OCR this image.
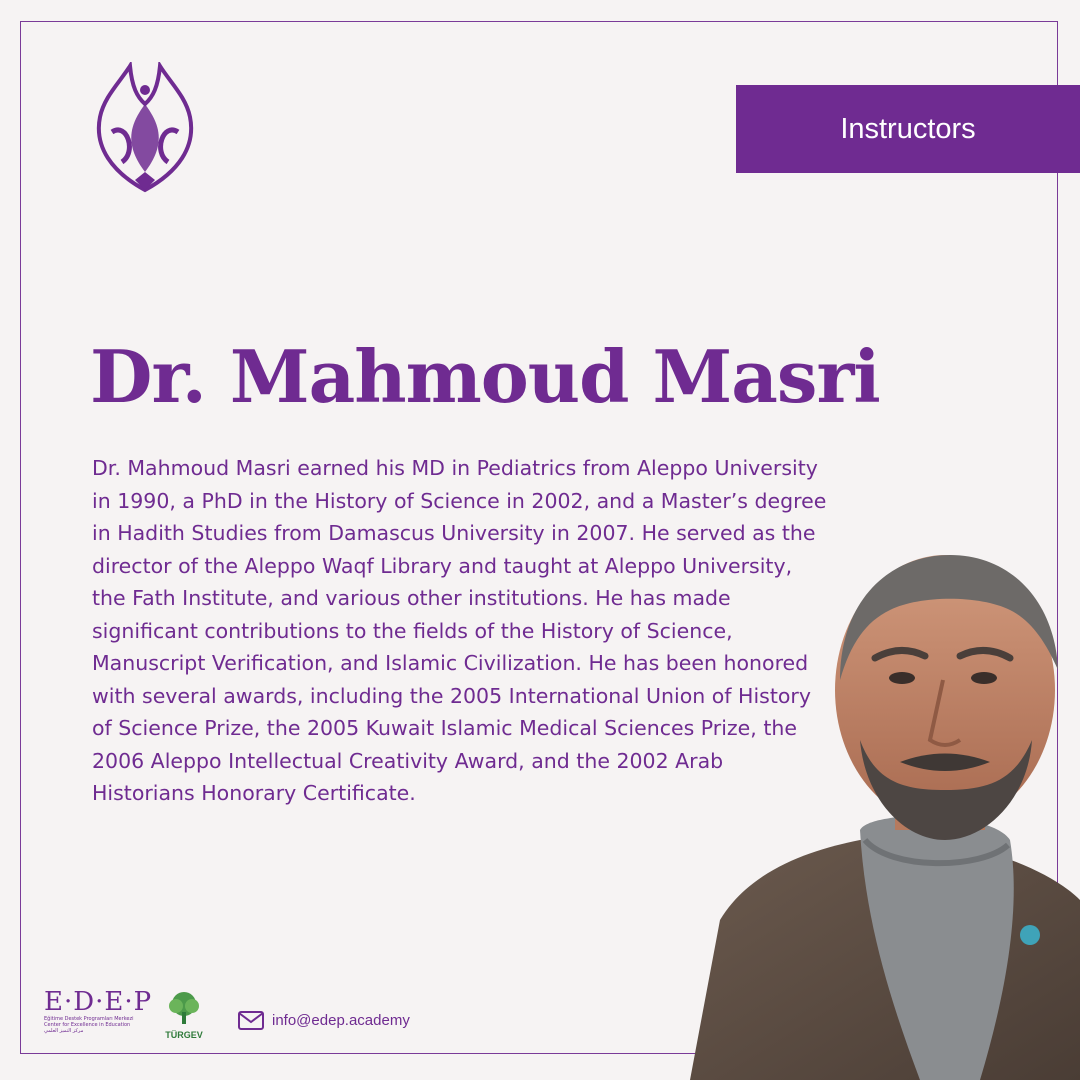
Instructors
Dr. Mahmoud Masri

Dr. Mahmoud Masri earned his MD in Pediatrics from Aleppo University in 1990, a PhD in the History of Science in 2002, and a Master’s degree in Hadith Studies from Damascus University in 2007. He served as the director of the Aleppo Waqf Library and taught at Aleppo University, the Fath Institute, and various other institutions. He has made significant contributions to the fields of the History of Science, Manuscript Verification, and Islamic Civilization. He has been honored with several awards, including the 2005 International Union of History of Science Prize, the 2005 Kuwait Islamic Medical Sciences Prize, the 2006 Aleppo Intellectual Creativity Award, and the 2002 Arab Historians Honorary Certificate.

E·D·E·P
Eğitime Destek Programları Merkezi
Center for Excellence in Education
مركز التميز العلمي	TÜRGEV
info@edep.academy
